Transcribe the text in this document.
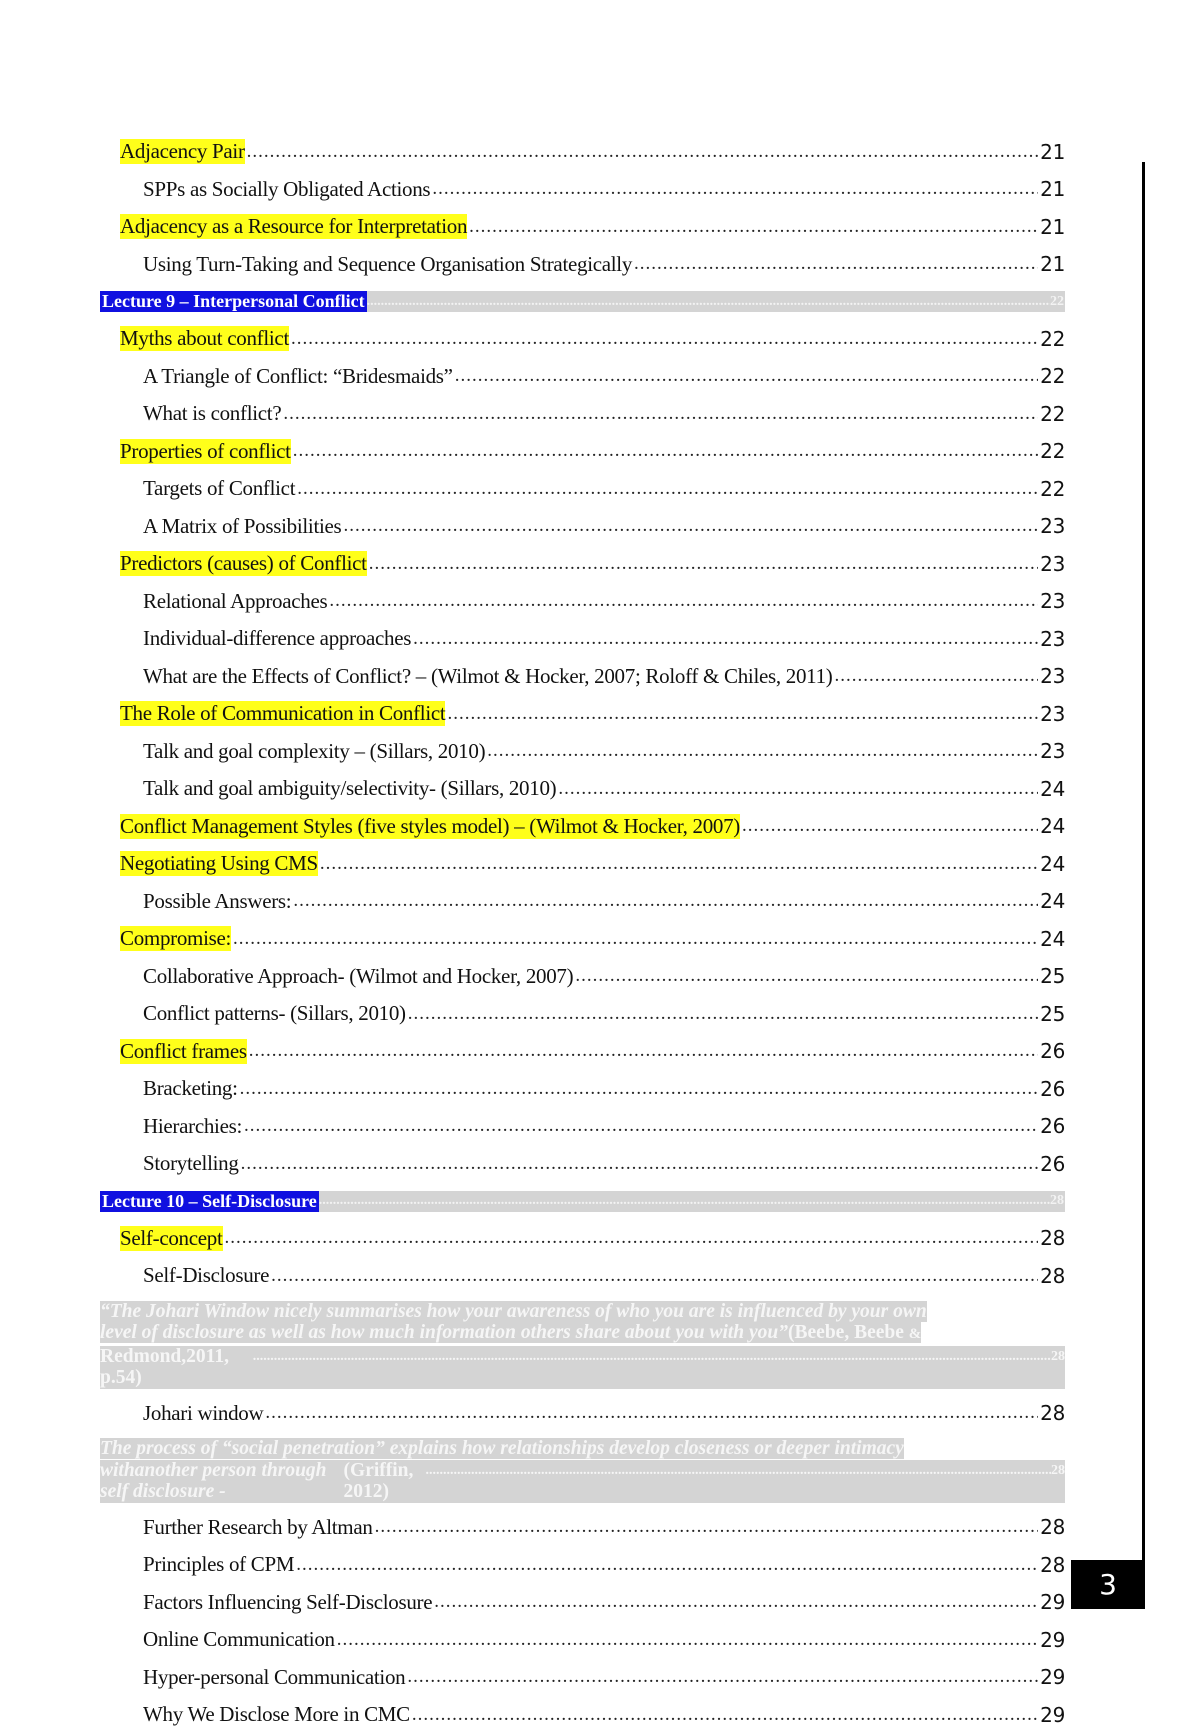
Adjacency Pair .....	21
SPPs as Socially Obligated Actions .....	21
Adjacency as a Resource for Interpretation .....	21
Using Turn-Taking and Sequence Organisation Strategically .....	21
Lecture 9 – Interpersonal Conflict .....	22
Myths about conflict .....	22
A Triangle of Conflict: “Bridesmaids” .....	22
What is conflict? .....	22
Properties of conflict .....	22
Targets of Conflict .....	22
A Matrix of Possibilities .....	23
Predictors (causes) of Conflict .....	23
Relational Approaches .....	23
Individual-difference approaches .....	23
What are the Effects of Conflict? – (Wilmot & Hocker, 2007; Roloff & Chiles, 2011) .....	23
The Role of Communication in Conflict .....	23
Talk and goal complexity – (Sillars, 2010) .....	23
Talk and goal ambiguity/selectivity- (Sillars, 2010) .....	24
Conflict Management Styles (five styles model) – (Wilmot & Hocker, 2007) .....	24
Negotiating Using CMS .....	24
Possible Answers: .....	24
Compromise: .....	24
Collaborative Approach- (Wilmot and Hocker, 2007) .....	25
Conflict patterns- (Sillars, 2010) .....	25
Conflict frames .....	26
Bracketing: .....	26
Hierarchies: .....	26
Storytelling .....	26
Lecture 10 – Self-Disclosure .....	28
Self-concept .....	28
Self-Disclosure .....	28
“The Johari Window nicely summarises how your awareness of who you are is influenced by your own
level of disclosure as well as how much information others share about you with you”(Beebe, Beebe &
Redmond,2011, p.54)
.....
28
Johari window .....	28
The process of “social penetration” explains how relationships develop closeness or deeper intimacy
withanother person through self disclosure -
(Griffin, 2012)
.....
28
Further Research by Altman .....	28
Principles of CPM .....	28
Factors Influencing Self-Disclosure .....	29
Online Communication .....	29
Hyper-personal Communication .....	29
Why We Disclose More in CMC .....	29
3
